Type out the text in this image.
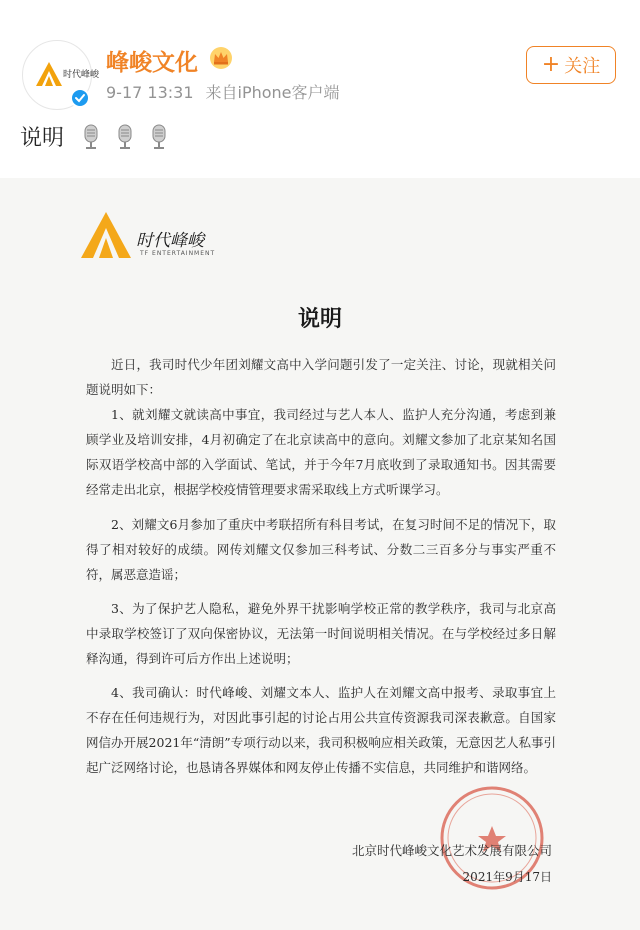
时代峰峻 峰峻文化
9-17 13:31 来自iPhone客户端
+ 关注
说明
时代峰峻
TF ENTERTAINMENT
说明

近日，我司时代少年团刘耀文高中入学问题引发了一定关注、讨论，现就相关问题说明如下：

1、就刘耀文就读高中事宜，我司经过与艺人本人、监护人充分沟通，考虑到兼顾学业及培训安排，4月初确定了在北京读高中的意向。刘耀文参加了北京某知名国际双语学校高中部的入学面试、笔试，并于今年7月底收到了录取通知书。因其需要经常走出北京，根据学校疫情管理要求需采取线上方式听课学习。

2、刘耀文6月参加了重庆中考联招所有科目考试，在复习时间不足的情况下，取得了相对较好的成绩。网传刘耀文仅参加三科考试、分数二三百多分与事实严重不符，属恶意造谣；

3、为了保护艺人隐私，避免外界干扰影响学校正常的教学秩序，我司与北京高中录取学校签订了双向保密协议，无法第一时间说明相关情况。在与学校经过多日解释沟通，得到许可后方作出上述说明；

4、我司确认：时代峰峻、刘耀文本人、监护人在刘耀文高中报考、录取事宜上不存在任何违规行为，对因此事引起的讨论占用公共宣传资源我司深表歉意。自国家网信办开展2021年“清朗”专项行动以来，我司积极响应相关政策，无意因艺人私事引起广泛网络讨论，也恳请各界媒体和网友停止传播不实信息，共同维护和谐网络。

北京时代峰峻文化艺术发展有限公司
2021年9月17日
